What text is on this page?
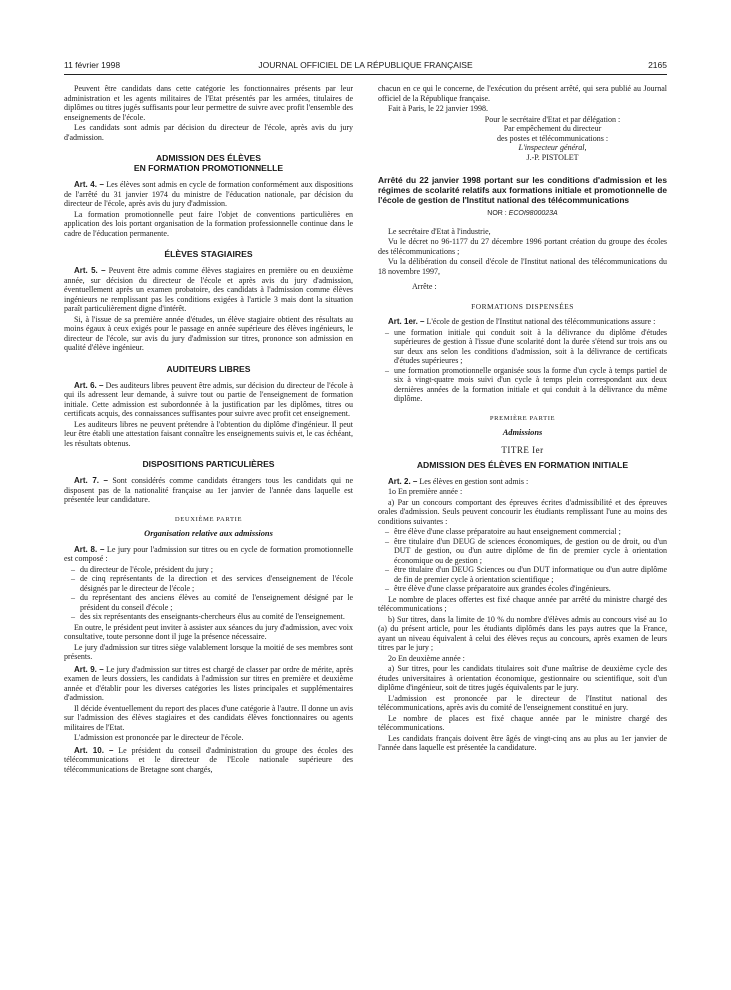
11 février 1998	JOURNAL OFFICIEL DE LA RÉPUBLIQUE FRANÇAISE	2165

Peuvent être candidats dans cette catégorie les fonctionnaires présents par leur administration et les agents militaires de l'Etat présentés par les armées, titulaires de diplômes ou titres jugés suffisants pour leur permettre de suivre avec profit l'ensemble des enseignements de l'école.

Les candidats sont admis par décision du directeur de l'école, après avis du jury d'admission.

ADMISSION DES ÉLÈVES
EN FORMATION PROMOTIONNELLE

Art. 4. – Les élèves sont admis en cycle de formation conformément aux dispositions de l'arrêté du 31 janvier 1974 du ministre de l'éducation nationale, par décision du directeur de l'école, après avis du jury d'admission.

La formation promotionnelle peut faire l'objet de conventions particulières en application des lois portant organisation de la formation professionnelle continue dans le cadre de l'éducation permanente.

ÉLÈVES STAGIAIRES

Art. 5. – Peuvent être admis comme élèves stagiaires en première ou en deuxième année, sur décision du directeur de l'école et après avis du jury d'admission, éventuellement après un examen probatoire, des candidats à l'admission comme élèves ingénieurs ne remplissant pas les conditions exigées à l'article 3 mais dont la situation paraît particulièrement digne d'intérêt.

Si, à l'issue de sa première année d'études, un élève stagiaire obtient des résultats au moins égaux à ceux exigés pour le passage en année supérieure des élèves ingénieurs, le directeur de l'école, sur avis du jury d'admission sur titres, prononce son admission en qualité d'élève ingénieur.

AUDITEURS LIBRES

Art. 6. – Des auditeurs libres peuvent être admis, sur décision du directeur de l'école à qui ils adressent leur demande, à suivre tout ou partie de l'enseignement de formation initiale. Cette admission est subordonnée à la justification par les diplômes, titres ou certificats acquis, des connaissances suffisantes pour suivre avec profit cet enseignement.

Les auditeurs libres ne peuvent prétendre à l'obtention du diplôme d'ingénieur. Il peut leur être établi une attestation faisant connaître les enseignements suivis et, le cas échéant, les résultats obtenus.

DISPOSITIONS PARTICULIÈRES

Art. 7. – Sont considérés comme candidats étrangers tous les candidats qui ne disposent pas de la nationalité française au 1er janvier de l'année dans laquelle est présentée leur candidature.

DEUXIÈME PARTIE
Organisation relative aux admissions

Art. 8. – Le jury pour l'admission sur titres ou en cycle de formation promotionnelle est composé :

– du directeur de l'école, président du jury ;
– de cinq représentants de la direction et des services d'enseignement de l'école désignés par le directeur de l'école ;
– du représentant des anciens élèves au comité de l'enseignement désigné par le président du conseil d'école ;
– des six représentants des enseignants-chercheurs élus au comité de l'enseignement.

En outre, le président peut inviter à assister aux séances du jury d'admission, avec voix consultative, toute personne dont il juge la présence nécessaire.

Le jury d'admission sur titres siège valablement lorsque la moitié de ses membres sont présents.

Art. 9. – Le jury d'admission sur titres est chargé de classer par ordre de mérite, après examen de leurs dossiers, les candidats à l'admission sur titres en première et deuxième année et d'établir pour les diverses catégories les listes principales et supplémentaires d'admission.

Il décide éventuellement du report des places d'une catégorie à l'autre. Il donne un avis sur l'admission des élèves stagiaires et des candidats élèves fonctionnaires ou agents militaires de l'Etat.

L'admission est prononcée par le directeur de l'école.

Art. 10. – Le président du conseil d'administration du groupe des écoles des télécommunications et le directeur de l'Ecole nationale supérieure des télécommunications de Bretagne sont chargés,

chacun en ce qui le concerne, de l'exécution du présent arrêté, qui sera publié au Journal officiel de la République française.

Fait à Paris, le 22 janvier 1998.

Pour le secrétaire d'Etat et par délégation :
Par empêchement du directeur
des postes et télécommunications :
L'inspecteur général,
J.-P. PISTOLET
Arrêté du 22 janvier 1998 portant sur les conditions d'admission et les régimes de scolarité relatifs aux formations initiale et promotionnelle de l'école de gestion de l'Institut national des télécommunications
NOR : ECOI9800023A

Le secrétaire d'Etat à l'industrie,

Vu le décret no 96-1177 du 27 décembre 1996 portant création du groupe des écoles des télécommunications ;

Vu la délibération du conseil d'école de l'Institut national des télécommunications du 18 novembre 1997,

Arrête :

FORMATIONS DISPENSÉES

Art. 1er. – L'école de gestion de l'Institut national des télécommunications assure :

– une formation initiale qui conduit soit à la délivrance du diplôme d'études supérieures de gestion à l'issue d'une scolarité dont la durée s'étend sur trois ans ou sur deux ans selon les conditions d'admission, soit à la délivrance de certificats d'études supérieures ;
– une formation promotionnelle organisée sous la forme d'un cycle à temps partiel de six à vingt-quatre mois suivi d'un cycle à temps plein correspondant aux deux dernières années de la formation initiale et qui conduit à la délivrance du même diplôme.
PREMIÈRE PARTIE
Admissions
TITRE Ier
ADMISSION DES ÉLÈVES EN FORMATION INITIALE

Art. 2. – Les élèves en gestion sont admis :

1o En première année :

a) Par un concours comportant des épreuves écrites d'admissibilité et des épreuves orales d'admission. Seuls peuvent concourir les étudiants remplissant l'une au moins des conditions suivantes :

– être élève d'une classe préparatoire au haut enseignement commercial ;
– être titulaire d'un DEUG de sciences économiques, de gestion ou de droit, ou d'un DUT de gestion, ou d'un autre diplôme de fin de premier cycle à orientation économique ou de gestion ;
– être titulaire d'un DEUG Sciences ou d'un DUT informatique ou d'un autre diplôme de fin de premier cycle à orientation scientifique ;
– être élève d'une classe préparatoire aux grandes écoles d'ingénieurs.

Le nombre de places offertes est fixé chaque année par arrêté du ministre chargé des télécommunications ;

b) Sur titres, dans la limite de 10 % du nombre d'élèves admis au concours visé au 1o (a) du présent article, pour les étudiants diplômés dans les pays autres que la France, ayant un niveau équivalent à celui des élèves reçus au concours, après examen de leurs titres par le jury ;

2o En deuxième année :

a) Sur titres, pour les candidats titulaires soit d'une maîtrise de deuxième cycle des études universitaires à orientation économique, gestionnaire ou scientifique, soit d'un diplôme d'ingénieur, soit de titres jugés équivalents par le jury.

L'admission est prononcée par le directeur de l'Institut national des télécommunications, après avis du comité de l'enseignement constitué en jury.

Le nombre de places est fixé chaque année par le ministre chargé des télécommunications.

Les candidats français doivent être âgés de vingt-cinq ans au plus au 1er janvier de l'année dans laquelle est présentée la candidature.
